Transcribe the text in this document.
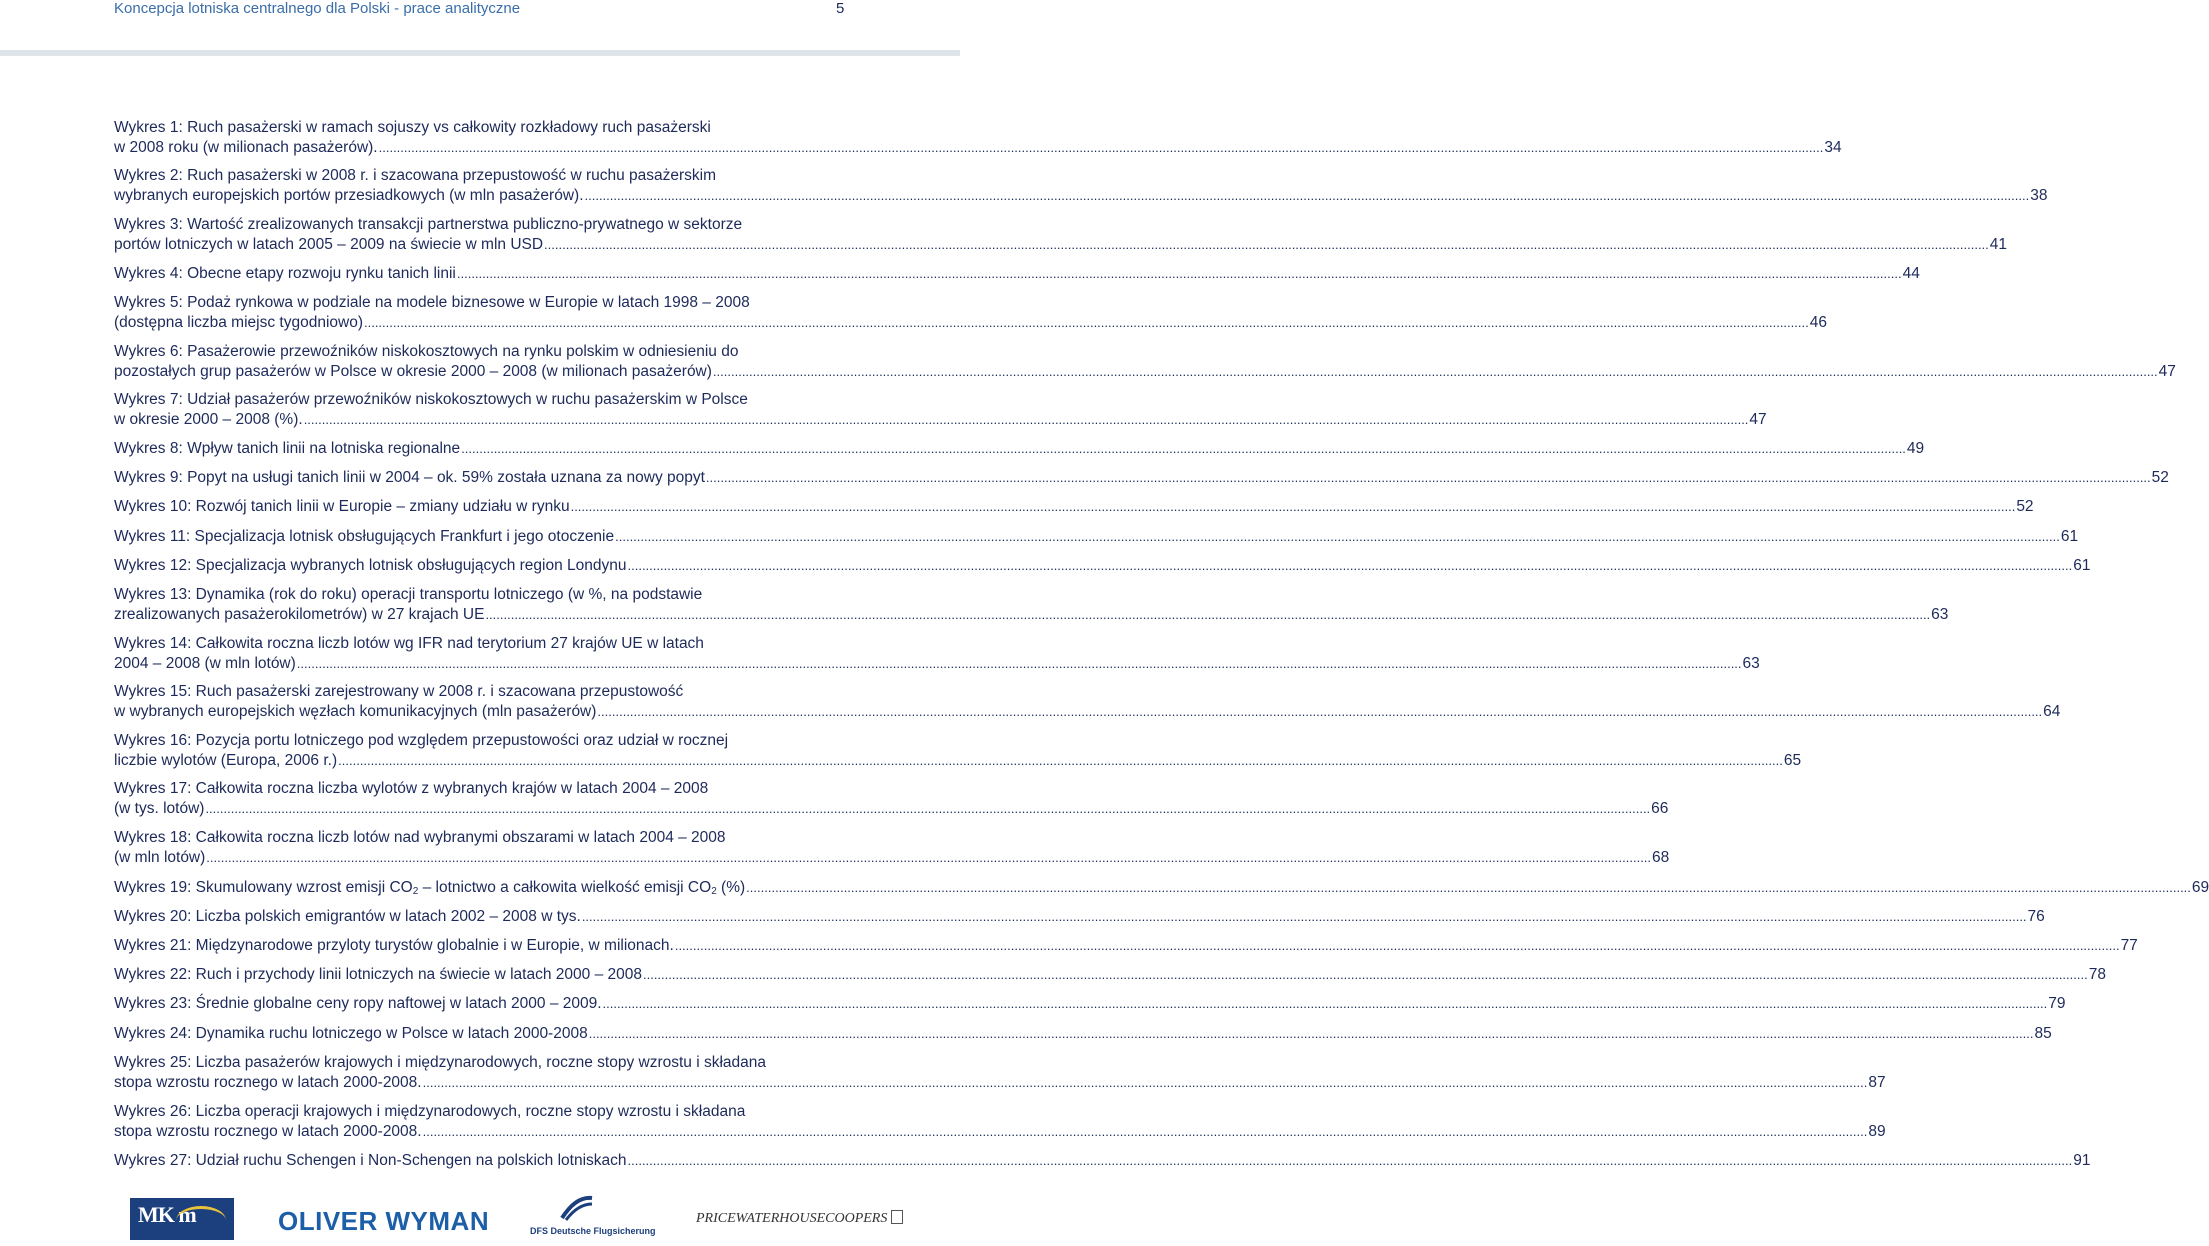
Koncepcja lotniska centralnego dla Polski - prace analityczne	5
Wykres 1: Ruch pasażerski w ramach sojuszy vs całkowity rozkładowy ruch pasażerski
w 2008 roku (w milionach pasażerów). ................................................................................................................................................................................................................................................................................................................................................................................................................ 34
Wykres 2: Ruch pasażerski w 2008 r. i szacowana przepustowość w ruchu pasażerskim
wybranych europejskich portów przesiadkowych (w mln pasażerów). ................................................................................................................................................................................................................................................................................................................................................................................................................ 38
Wykres 3: Wartość zrealizowanych transakcji partnerstwa publiczno-prywatnego w sektorze
portów lotniczych w latach 2005 – 2009 na świecie w mln USD ................................................................................................................................................................................................................................................................................................................................................................................................................ 41
Wykres 4: Obecne etapy rozwoju rynku tanich linii ................................................................................................................................................................................................................................................................................................................................................................................................................ 44
Wykres 5: Podaż rynkowa w podziale na modele biznesowe w Europie w latach 1998 – 2008
(dostępna liczba miejsc tygodniowo) ................................................................................................................................................................................................................................................................................................................................................................................................................ 46
Wykres 6: Pasażerowie przewoźników niskokosztowych na rynku polskim w odniesieniu do
pozostałych grup pasażerów w Polsce w okresie 2000 – 2008 (w milionach pasażerów) ................................................................................................................................................................................................................................................................................................................................................................................................................ 47
Wykres 7: Udział pasażerów przewoźników niskokosztowych w ruchu pasażerskim w Polsce
w okresie 2000 – 2008 (%). ................................................................................................................................................................................................................................................................................................................................................................................................................ 47
Wykres 8: Wpływ tanich linii na lotniska regionalne ................................................................................................................................................................................................................................................................................................................................................................................................................ 49
Wykres 9: Popyt na usługi tanich linii w 2004 – ok. 59% została uznana za nowy popyt ................................................................................................................................................................................................................................................................................................................................................................................................................ 52
Wykres 10: Rozwój tanich linii w Europie – zmiany udziału w rynku ................................................................................................................................................................................................................................................................................................................................................................................................................ 52
Wykres 11: Specjalizacja lotnisk obsługujących Frankfurt i jego otoczenie ................................................................................................................................................................................................................................................................................................................................................................................................................ 61
Wykres 12: Specjalizacja wybranych lotnisk obsługujących region Londynu ................................................................................................................................................................................................................................................................................................................................................................................................................ 61
Wykres 13: Dynamika (rok do roku) operacji transportu lotniczego (w %, na podstawie
zrealizowanych pasażerokilometrów) w 27 krajach UE ................................................................................................................................................................................................................................................................................................................................................................................................................ 63
Wykres 14: Całkowita roczna liczb lotów wg IFR nad terytorium 27 krajów UE w latach
2004 – 2008 (w mln lotów) ................................................................................................................................................................................................................................................................................................................................................................................................................ 63
Wykres 15: Ruch pasażerski zarejestrowany w 2008 r. i szacowana przepustowość
w wybranych europejskich węzłach komunikacyjnych (mln pasażerów) ................................................................................................................................................................................................................................................................................................................................................................................................................ 64
Wykres 16: Pozycja portu lotniczego pod względem przepustowości oraz udział w rocznej
liczbie wylotów (Europa, 2006 r.) ................................................................................................................................................................................................................................................................................................................................................................................................................ 65
Wykres 17: Całkowita roczna liczba wylotów z wybranych krajów w latach 2004 – 2008
(w tys. lotów) ................................................................................................................................................................................................................................................................................................................................................................................................................ 66
Wykres 18: Całkowita roczna liczb lotów nad wybranymi obszarami w latach 2004 – 2008
(w mln lotów) ................................................................................................................................................................................................................................................................................................................................................................................................................ 68
Wykres 19: Skumulowany wzrost emisji $CO_2$ – lotnictwo a całkowita wielkość emisji $CO_2$ (%) ................................................................................................................................................................................................................................................................................................................................................................................................................ 69
Wykres 20: Liczba polskich emigrantów w latach 2002 – 2008 w tys. ................................................................................................................................................................................................................................................................................................................................................................................................................ 76
Wykres 21: Międzynarodowe przyloty turystów globalnie i w Europie, w milionach. ................................................................................................................................................................................................................................................................................................................................................................................................................ 77
Wykres 22: Ruch i przychody linii lotniczych na świecie w latach 2000 – 2008 ................................................................................................................................................................................................................................................................................................................................................................................................................ 78
Wykres 23: Średnie globalne ceny ropy naftowej w latach 2000 – 2009. ................................................................................................................................................................................................................................................................................................................................................................................................................ 79
Wykres 24: Dynamika ruchu lotniczego w Polsce w latach 2000-2008 ................................................................................................................................................................................................................................................................................................................................................................................................................ 85
Wykres 25: Liczba pasażerów krajowych i międzynarodowych, roczne stopy wzrostu i składana
stopa wzrostu rocznego w latach 2000-2008. ................................................................................................................................................................................................................................................................................................................................................................................................................ 87
Wykres 26: Liczba operacji krajowych i międzynarodowych, roczne stopy wzrostu i składana
stopa wzrostu rocznego w latach 2000-2008. ................................................................................................................................................................................................................................................................................................................................................................................................................ 89
Wykres 27: Udział ruchu Schengen i Non-Schengen na polskich lotniskach ................................................................................................................................................................................................................................................................................................................................................................................................................ 91
MK m	OLIVER WYMAN	DFS Deutsche Flugsicherung
PRICEWATERHOUSECOOPERS
